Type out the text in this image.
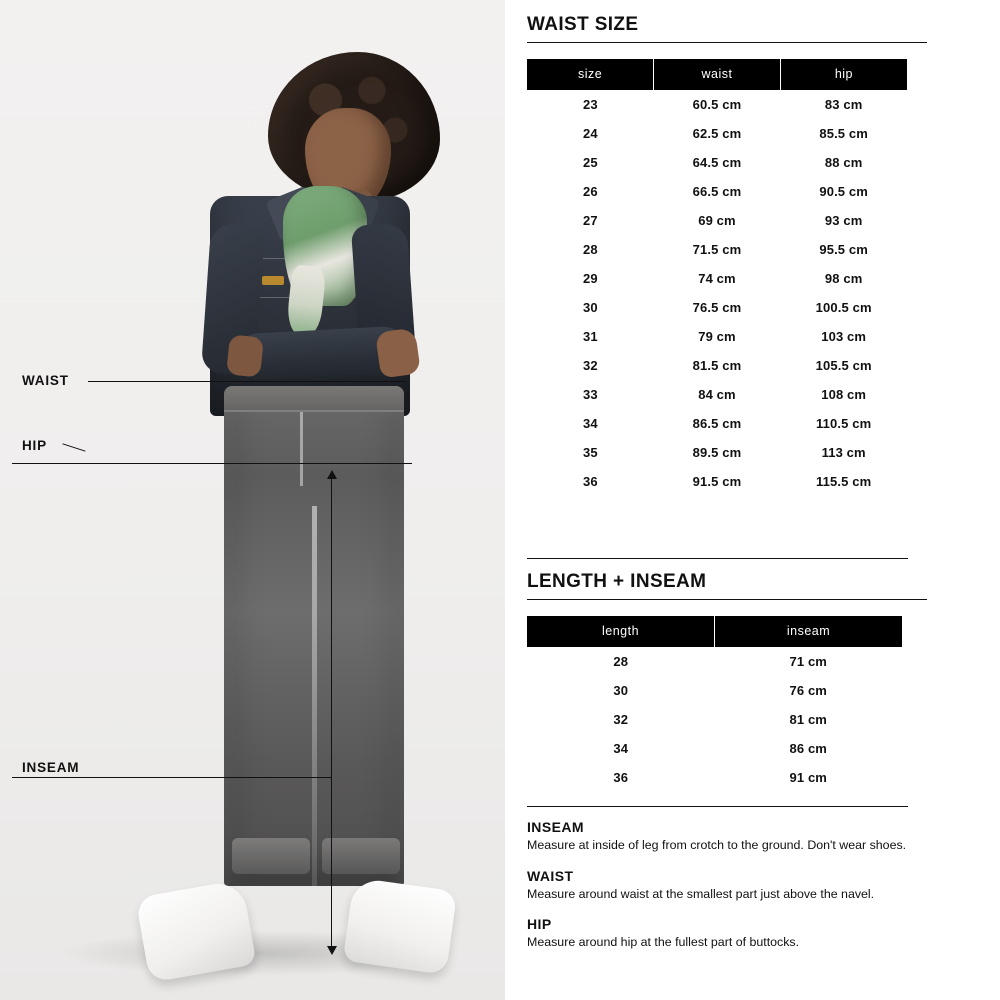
WAIST
HIP
INSEAM
WAIST SIZE
size	waist	hip
23	60.5 cm	83 cm
24	62.5 cm	85.5 cm
25	64.5 cm	88 cm
26	66.5 cm	90.5 cm
27	69 cm	93 cm
28	71.5 cm	95.5 cm
29	74 cm	98 cm
30	76.5 cm	100.5 cm
31	79 cm	103 cm
32	81.5 cm	105.5 cm
33	84 cm	108 cm
34	86.5 cm	110.5 cm
35	89.5 cm	113 cm
36	91.5 cm	115.5 cm
LENGTH + INSEAM
length	inseam
28	71 cm
30	76 cm
32	81 cm
34	86 cm
36	91 cm
INSEAM
Measure at inside of leg from crotch to the ground. Don't wear shoes.
WAIST
Measure around waist at the smallest part just above the navel.
HIP
Measure around hip at the fullest part of buttocks.
